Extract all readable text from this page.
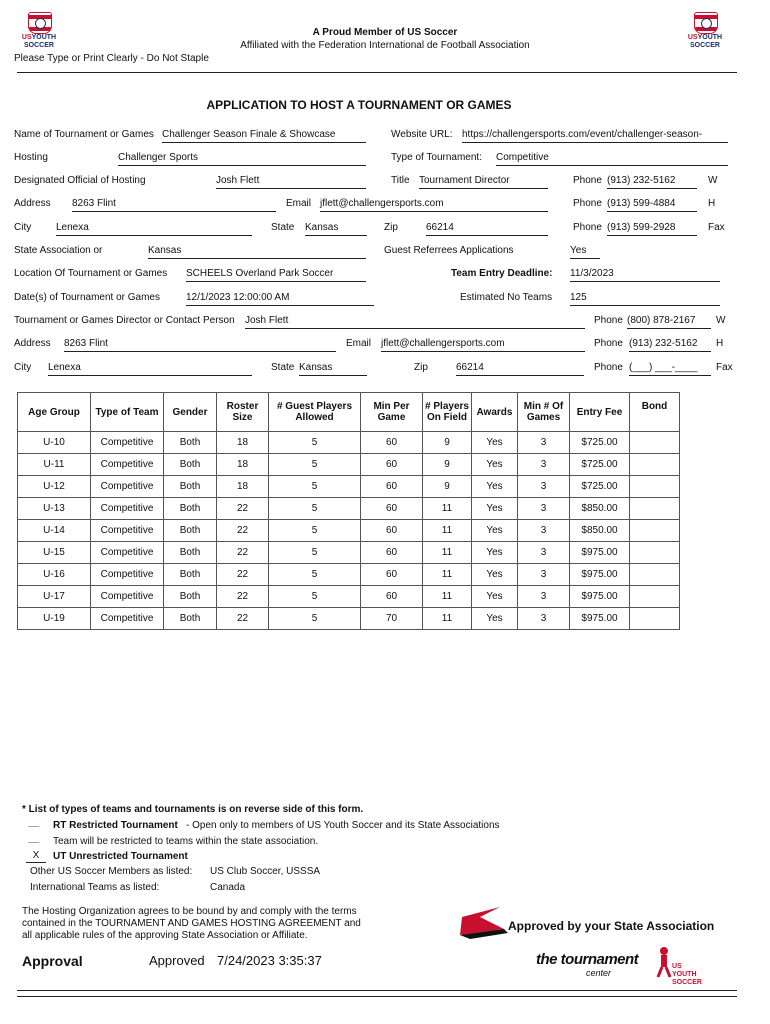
USYOUTH
SOCCER
USYOUTH
SOCCER
A Proud Member of US Soccer
Affiliated with the Federation International de Football Association
Please Type or Print Clearly - Do Not Staple
APPLICATION TO HOST A TOURNAMENT OR GAMES
Name of Tournament or Games Challenger Season Finale & Showcase	Website URL: https://challengersports.com/event/challenger-season-
Hosting	Challenger Sports	Type of Tournament: Competitive
Designated Official of Hosting	Josh Flett	Title Tournament Director	Phone (913) 232-5162	W
Address 8263 Flint	Email jflett@challengersports.com	Phone (913) 599-4884	H
City Lenexa	State Kansas	Zip	66214	Phone (913) 599-2928	Fax
State Association or	Kansas	Guest Referrees Applications	Yes
Location Of Tournament or Games SCHEELS Overland Park Soccer	Team Entry Deadline: 11/3/2023
Date(s) of Tournament or Games	12/1/2023 12:00:00 AM	Estimated No Teams 125
Tournament or Games Director or Contact Person Josh Flett	Phone (800) 878-2167	W
Address 8263 Flint	Email jflett@challengersports.com	Phone (913) 232-5162	H
City Lenexa	State Kansas	Zip	66214	Phone (___) ___-____	Fax
Age Group	Type of Team	Gender	Roster Size	# Guest Players Allowed	Min Per Game	# Players On Field	Awards	Min # Of Games	Entry Fee	Bond
U-10	Competitive	Both	18	5	60	9	Yes	3	$725.00	
U-11	Competitive	Both	18	5	60	9	Yes	3	$725.00	
U-12	Competitive	Both	18	5	60	9	Yes	3	$725.00	
U-13	Competitive	Both	22	5	60	11	Yes	3	$850.00	
U-14	Competitive	Both	22	5	60	11	Yes	3	$850.00	
U-15	Competitive	Both	22	5	60	11	Yes	3	$975.00	
U-16	Competitive	Both	22	5	60	11	Yes	3	$975.00	
U-17	Competitive	Both	22	5	60	11	Yes	3	$975.00	
U-19	Competitive	Both	22	5	70	11	Yes	3	$975.00	
* List of types of teams and tournaments is on reverse side of this form.
__ RT Restricted Tournament - Open only to members of US Youth Soccer and its State Associations
__ Team will be restricted to teams within the state association.
X	UT Unrestricted Tournament
Other US Soccer Members as listed: US Club Soccer, USSSA
International Teams as listed:	Canada
The Hosting Organization agrees to be bound by and comply with the terms contained in the TOURNAMENT AND GAMES HOSTING AGREEMENT and all applicable rules of the approving State Association or Affiliate.
Approval	Approved 7/24/2023 3:35:37
Approved by your State Association
the tournament
center
US YOUTH SOCCER
